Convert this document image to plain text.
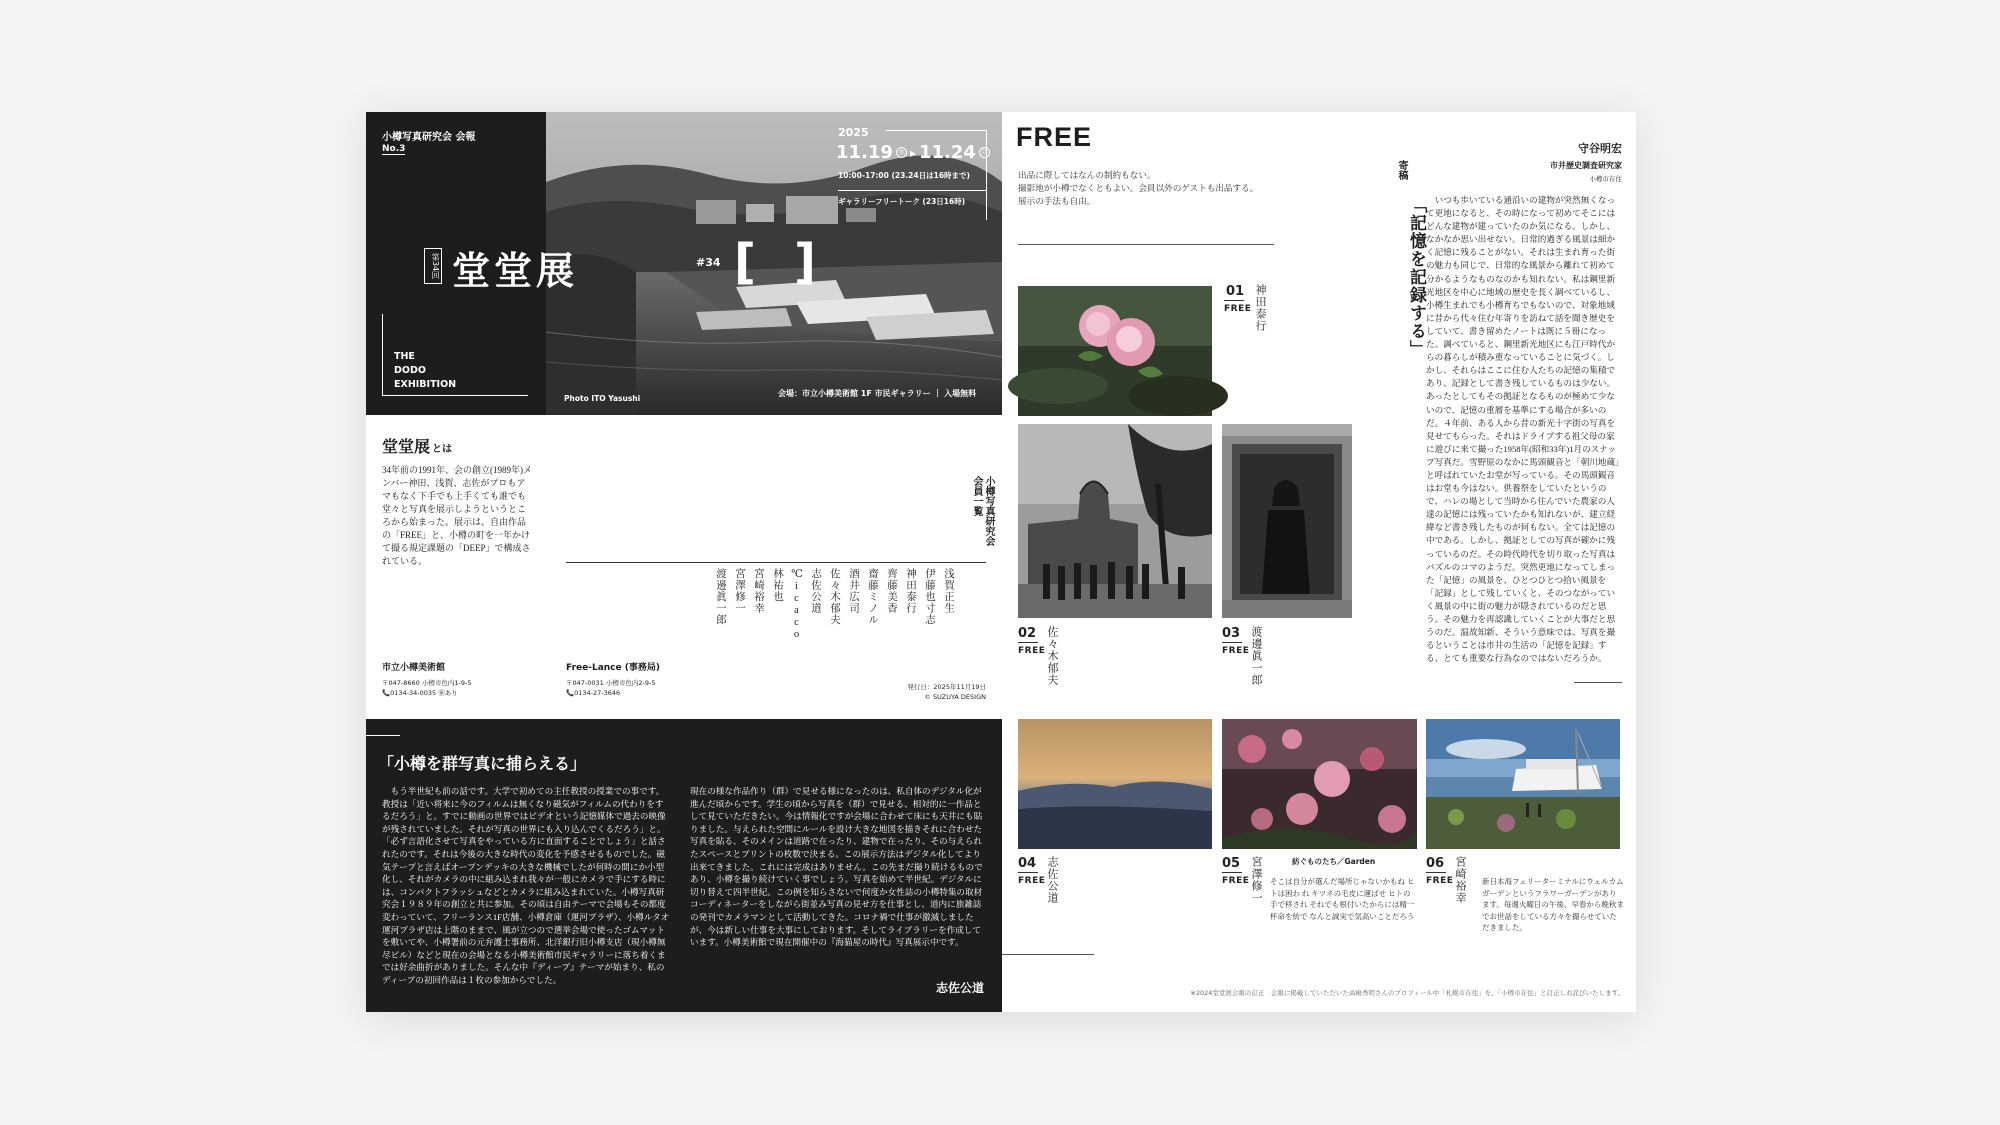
小樽写真研究会 会報
No.3
第34回 堂堂展	#34 [ ]
THE
DODO
EXHIBITION
2025
11.19 水 ▸ 11.24 月
10:00-17:00 (23.24日は16時まで)
ギャラリーフリートーク (23日16時)
Photo ITO Yasushi
会場：市立小樽美術館 1F 市民ギャラリー ｜ 入場無料
堂堂展 とは
34年前の1991年、会の創立(1989年)メンバー神田、浅賀、志佐がプロもアマもなく下手でも上手くても誰でも堂々と写真を展示しようというところから始まった。展示は、自由作品の「FREE」と、小樽の町を一年かけて撮る規定課題の「DEEP」で構成されている。
小樽写真研究会 会員一覧
浅賀正生
伊藤也寸志
神田泰行
齊藤美香
齋藤ミノル
酒井広司
佐々木郁夫
志佐公道
℃icaco
林祐也
宮崎裕幸
宮澤修一
渡邊眞一郎
市立小樽美術館
〒047-8660 小樽市色内1-9-5
📞0134-34-0035 ㊡あり
Free-Lance (事務局)
〒047-0031 小樽市色内2-9-5
📞0134-27-3646
発行日：2025年11月19日
© SUZUYA DESIGN
「小樽を群写真に捕らえる」
もう半世紀も前の話です。大学で初めての主任教授の授業での事です。教授は「近い将来に今のフィルムは無くなり磁気がフィルムの代わりをするだろう」と。すでに動画の世界ではビデオという記憶媒体で過去の映像が残されていました。それが写真の世界にも入り込んでくるだろう」と。「必ず言語化させて写真をやっている方に直面することでしょう」と話されたのです。それは今後の大きな時代の変化を予感させるものでした。磁気テープと言えばオープンデッキの大きな機械でしたが何時の間にか小型化し、それがカメラの中に組み込まれ我々が一般にカメラで手にする時には、コンパクトフラッシュなどとカメラに組み込まれていた。小樽写真研究会１９８９年の創立と共に参加。その頃は自由テーマで会場もその都度変わっていて、フリーランス1F店舗、小樽倉庫（運河プラザ）、小樽ルタオ運河プラザ店は上階のままで、風が立つので選挙会場で使ったゴムマットを敷いてや、小樽署前の元弁護士事務所、北洋銀行旧小樽支店（現小樽無尽ビル）などと現在の会場となる小樽美術館市民ギャラリーに落ち着くまでは好余曲折がありました。そんな中『ディープ』テーマが始まり、私のディープの初回作品は１枚の参加からでした。
現在の様な作品作り（群）で見せる様になったのは、私自体のデジタル化が進んだ頃からです。学生の頃から写真を（群）で見せる、相対的に一作品として見ていただきたい。今は情報化ですが会場に合わせて床にも天井にも貼りました。与えられた空間にルールを設け大きな地図を描きそれに合わせた写真を貼る、そのメインは道路で在ったり、建物で在ったり、その与えられたスペースとプリントの枚数で決まる。この展示方法はデジタル化してより出来てきました。これには完成はありません。この先まだ撮り続けるものであり、小樽を撮り続けていく事でしょう。写真を始めて半世紀。デジタルに切り替えて四半世紀。この例を知らさないで何度か女性誌の小樽特集の取材コーディネーターをしながら街並み写真の見せ方を仕事とし、道内に旅雑誌の発刊でカメラマンとして活動してきた。コロナ禍で仕事が激減しましたが、今は新しい仕事を大事にしております。そしてライブラリーを作成しています。小樽美術館で現在開催中の『海猫屋の時代』写真展示中です。
志佐公道
FREE
出品に際してはなんの制約もない。
撮影地が小樽でなくともよい。会員以外のゲストも出品する。
展示の手法も自由。
01
FREE 神田泰行
02
FREE 佐々木郁夫	03
FREE 渡邊眞一郎
04
FREE 志佐公道	05
FREE 宮澤修一	紡ぐものたち／Garden
そこは自分が選んだ場所じゃないかもね ヒトは困わ れ キツネの毛皮に運ばせ ヒトの手で移され それでも根付いたからには精一杯命を紡で なんと誠実で気高いことだろう
06
FREE 宮崎裕幸 新日本海フェリーターミナルにウェルカムガーデンというフラワーガーデンがあります。毎週火曜日の午後、早春から晩秋までお世話をしている方々を撮らせていただきました。
※2024堂堂展会報の訂正　会報に掲載していただいた高嶋秀明さんのプロフィール中「札幌市在住」を、「小樽市在住」と訂正しお詫びいたします。
寄稿
「記憶を記録する」
守谷明宏
市井歴史調査研究家
小樽市在住
いつも歩いている通沿いの建物が突然無くなって更地になると、その時になって初めてそこにはどんな建物が建っていたのか気になる。しかし、なかなか思い出せない。日常的過ぎる風景は細かく記憶に残ることがない。それは生まれ育った街の魅力も同じで、日常的な風景から離れて初めて分かるようなものなのかも知れない。私は鋼里新光地区を中心に地域の歴史を長く調べているし、小樽生まれでも小樽育ちでもないので、対象地域に昔から代々住む年寄りを訪ねて話を聞き歴史をしていて、書き留めたノートは既に５冊になった。調べていると、鋼里新光地区にも江戸時代からの暮らしが積み重なっていることに気づく。しかし、それらはここに住む人たちの記憶の集積であり、記録として書き残しているものは少ない。あったとしてもその拠証となるものが極めて少ないので、記憶の重層を基準にする場合が多いのだ。４年前、ある人から昔の新光十字街の写真を見せてもらった。それはドライブする祖父母の家に遊びに来て撮った1958年(昭和33年)1月のスナップ写真だ。雪野原のなかに馬頭観音と「朝川地蔵」と呼ばれていたお堂が写っている。その馬頭観音はお堂も今はない。供養祭をしていたというので、ハレの場として当時から住んでいた農家の人達の記憶には残っていたかも知れないが、建立経緯など書き残したものが何もない。全ては記憶の中である。しかし、拠証としての写真が確かに残っているのだ。その時代時代を切り取った写真はパズルのコマのようだ。突然更地になってしまった「記憶」の風景を、ひとつひとつ拾い風景を「記録」として残していくと、そのつながっていく風景の中に街の魅力が隠されているのだと思う。その魅力を再認識していくことが大事だと思うのだ。温故知新、そういう意味では、写真を撮るということは市井の生活の「記憶を記録」する、とても重要な行為なのではないだろうか。
